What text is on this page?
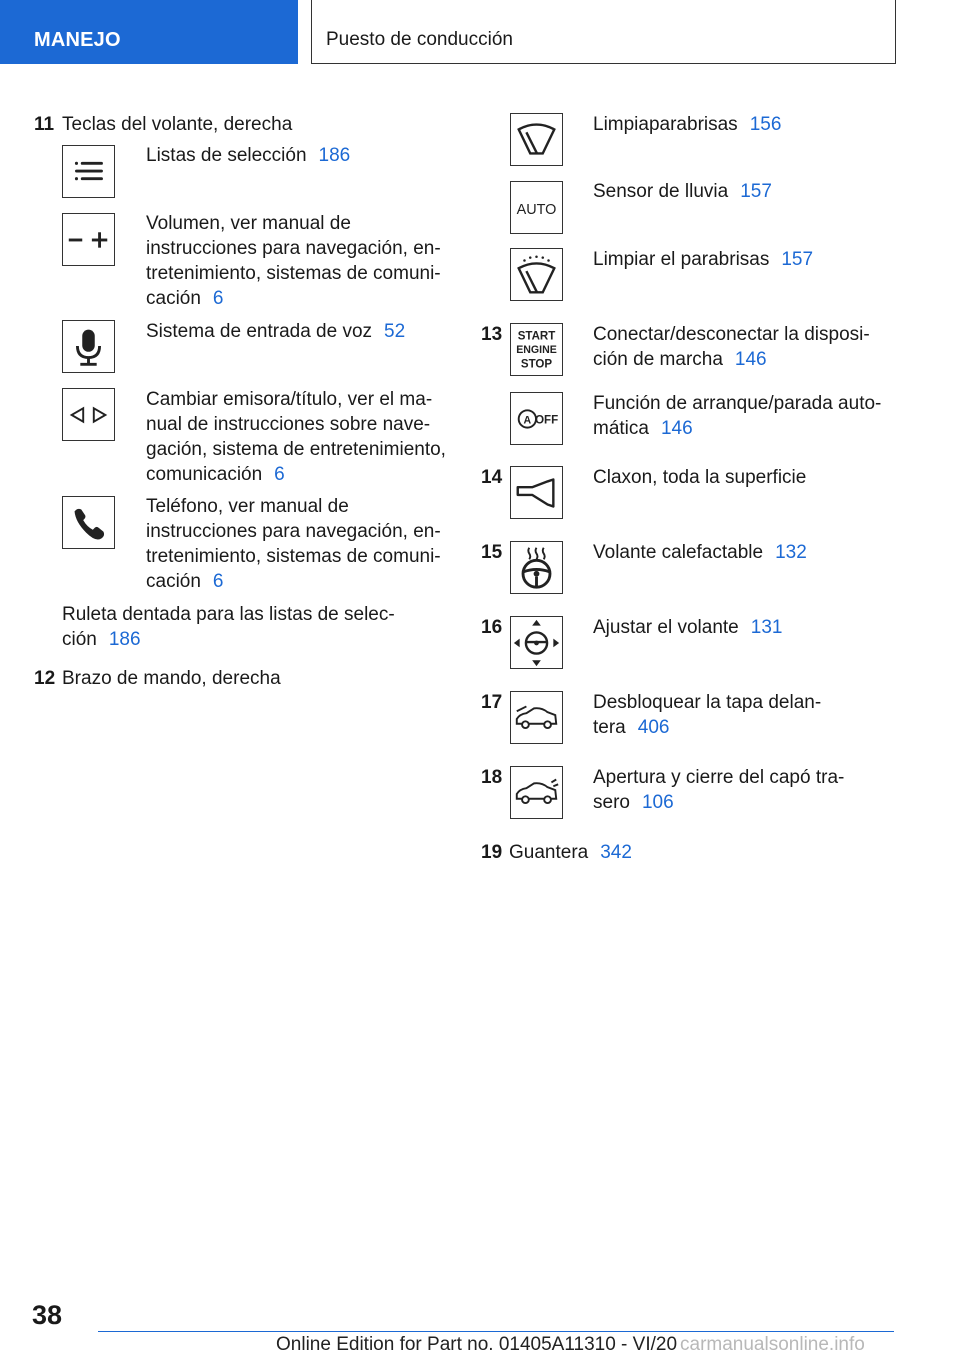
MANEJO	Puesto de conducción
11 Teclas del volante, derecha
Listas de selección 186
Volumen, ver manual de
instrucciones para navegación, en-
tretenimiento, sistemas de comuni-
cación 6
Sistema de entrada de voz 52
Cambiar emisora/título, ver el ma-
nual de instrucciones sobre nave-
gación, sistema de entretenimiento,
comunicación 6
Teléfono, ver manual de
instrucciones para navegación, en-
tretenimiento, sistemas de comuni-
cación 6
Ruleta dentada para las listas de selec-
ción 186
12 Brazo de mando, derecha
Limpiaparabrisas 156
AUTO
Sensor de lluvia 157
Limpiar el parabrisas 157
13 START
ENGINE
STOP
Conectar/desconectar la disposi-
ción de marcha 146
A OFF
Función de arranque/parada auto-
mática 146
14	Claxon, toda la superficie
15	Volante calefactable 132
16	Ajustar el volante 131
17	Desbloquear la tapa delan-
tera 406
18	Apertura y cierre del capó tra-
sero 106
19 Guantera 342
38
Online Edition for Part no. 01405A11310 - VI/20 carmanualsonline.info
